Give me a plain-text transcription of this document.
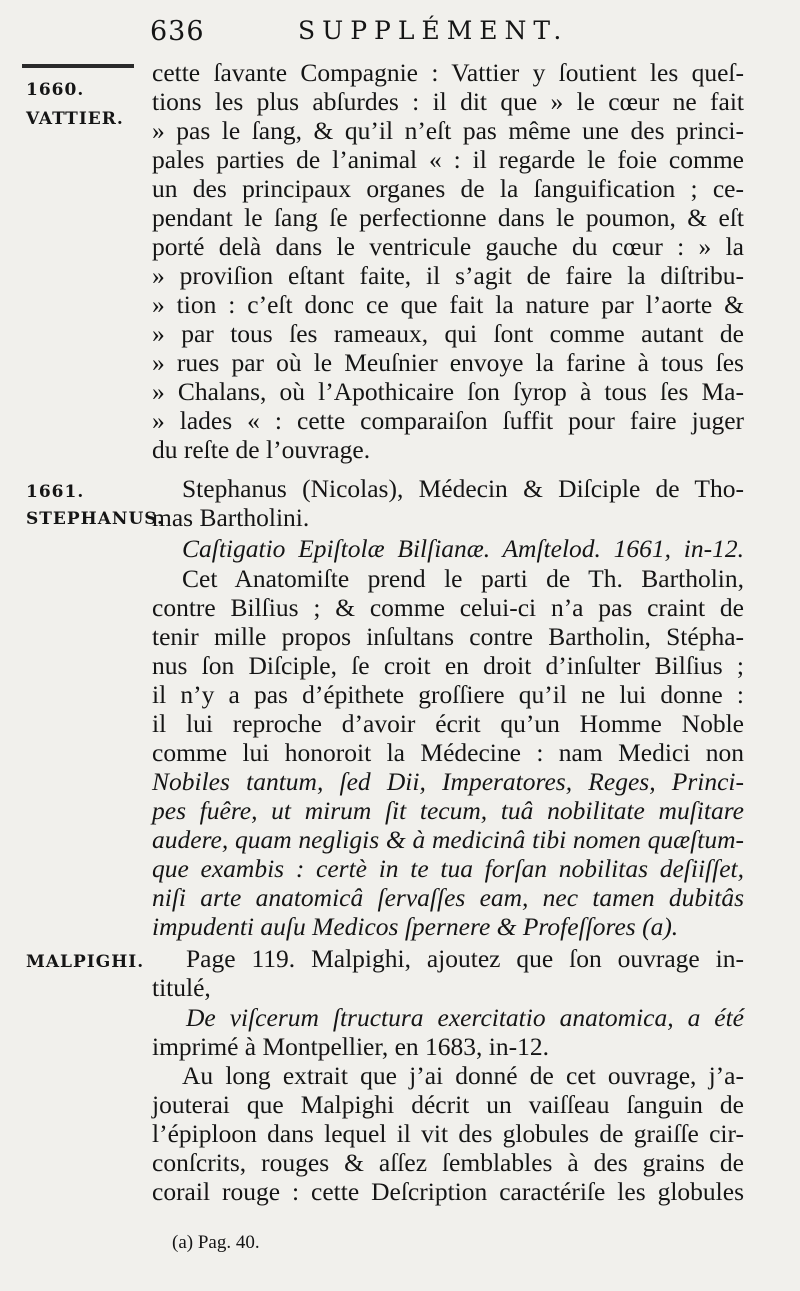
636	SUPPLÉMENT.
1660.
VATTIER.
1661.
STEPHANUS.
MALPIGHI.
cette ſavante Compagnie : Vattier y ſoutient les queſ-
tions les plus abſurdes : il dit que » le cœur ne fait
» pas le ſang, & qu’il n’eſt pas même une des princi-
pales parties de l’animal « : il regarde le foie comme
un des principaux organes de la ſanguification ; ce-
pendant le ſang ſe perfectionne dans le poumon, & eſt
porté delà dans le ventricule gauche du cœur : » la
» proviſion eſtant faite, il s’agit de faire la diſtribu-
» tion : c’eſt donc ce que fait la nature par l’aorte &
» par tous ſes rameaux, qui ſont comme autant de
» rues par où le Meuſnier envoye la farine à tous ſes
» Chalans, où l’Apothicaire ſon ſyrop à tous ſes Ma-
» lades « : cette comparaiſon ſuffit pour faire juger
du reſte de l’ouvrage.
Stephanus (Nicolas), Médecin & Diſciple de Tho-
mas Bartholini.
Caſtigatio Epiſtolæ Bilſianæ. Amſtelod. 1661, in-12.
Cet Anatomiſte prend le parti de Th. Bartholin,
contre Bilſius ; & comme celui-ci n’a pas craint de
tenir mille propos inſultans contre Bartholin, Stépha-
nus ſon Diſciple, ſe croit en droit d’inſulter Bilſius ;
il n’y a pas d’épithete groſſiere qu’il ne lui donne :
il lui reproche d’avoir écrit qu’un Homme Noble
comme lui honoroit la Médecine : nam Medici non
Nobiles tantum, ſed Dii, Imperatores, Reges, Princi-
pes fuêre, ut mirum ſit tecum, tuâ nobilitate muſitare
audere, quam negligis & à medicinâ tibi nomen quæſtum-
que exambis : certè in te tua forſan nobilitas deſiiſſet,
niſi arte anatomicâ ſervaſſes eam, nec tamen dubitâs
impudenti auſu Medicos ſpernere & Profeſſores (a).
Page 119. Malpighi, ajoutez que ſon ouvrage in-
titulé,
De viſcerum ſtructura exercitatio anatomica, a été
imprimé à Montpellier, en 1683, in-12.
Au long extrait que j’ai donné de cet ouvrage, j’a-
jouterai que Malpighi décrit un vaiſſeau ſanguin de
l’épiploon dans lequel il vit des globules de graiſſe cir-
conſcrits, rouges & aſſez ſemblables à des grains de
corail rouge : cette Deſcription caractériſe les globules
(a) Pag. 40.
